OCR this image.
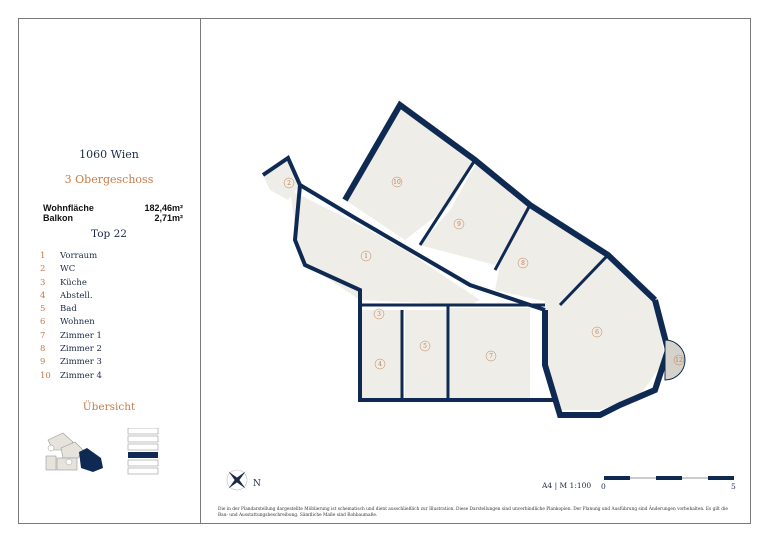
1060 Wien
3 Obergeschoss
Wohnfläche	182,46m²
Balkon	2,71m²
Top 22
1	Vorraum
2	WC
3	Küche
4	Abstell.
5	Bad
6	Wohnen
7	Zimmer 1
8	Zimmer 2
9	Zimmer 3
10	Zimmer 4
Übersicht
10
9
8
6
1
2
3
4
5
7
12
N	A4 | M 1:100 0	5
Die in der Plandarstellung dargestellte Möblierung ist schematisch und dient ausschließlich zur Illustration. Diese Darstellungen sind unverbindliche Plankopien. Der Planung und Ausführung sind Änderungen vorbehalten. Es gilt die Bau- und Ausstattungsbeschreibung. Sämtliche Maße sind Rohbaumaße.
